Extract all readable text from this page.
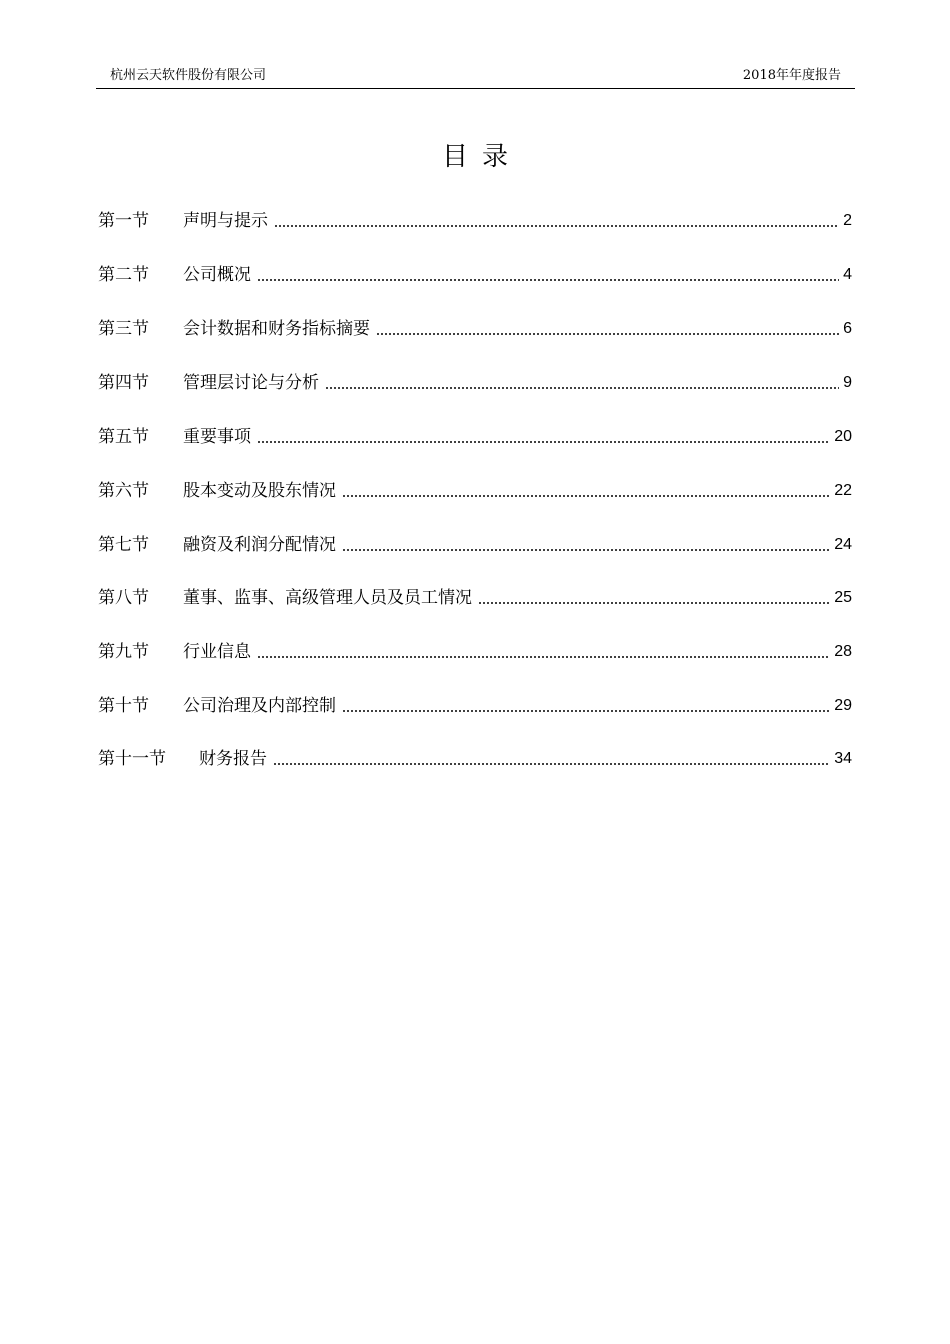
杭州云天软件股份有限公司	2018年年度报告
目录
第一节	声明与提示	2
第二节	公司概况	4
第三节	会计数据和财务指标摘要	6
第四节	管理层讨论与分析	9
第五节	重要事项	20
第六节	股本变动及股东情况	22
第七节	融资及利润分配情况	24
第八节	董事、监事、高级管理人员及员工情况	25
第九节	行业信息	28
第十节	公司治理及内部控制	29
第十一节	财务报告	34
